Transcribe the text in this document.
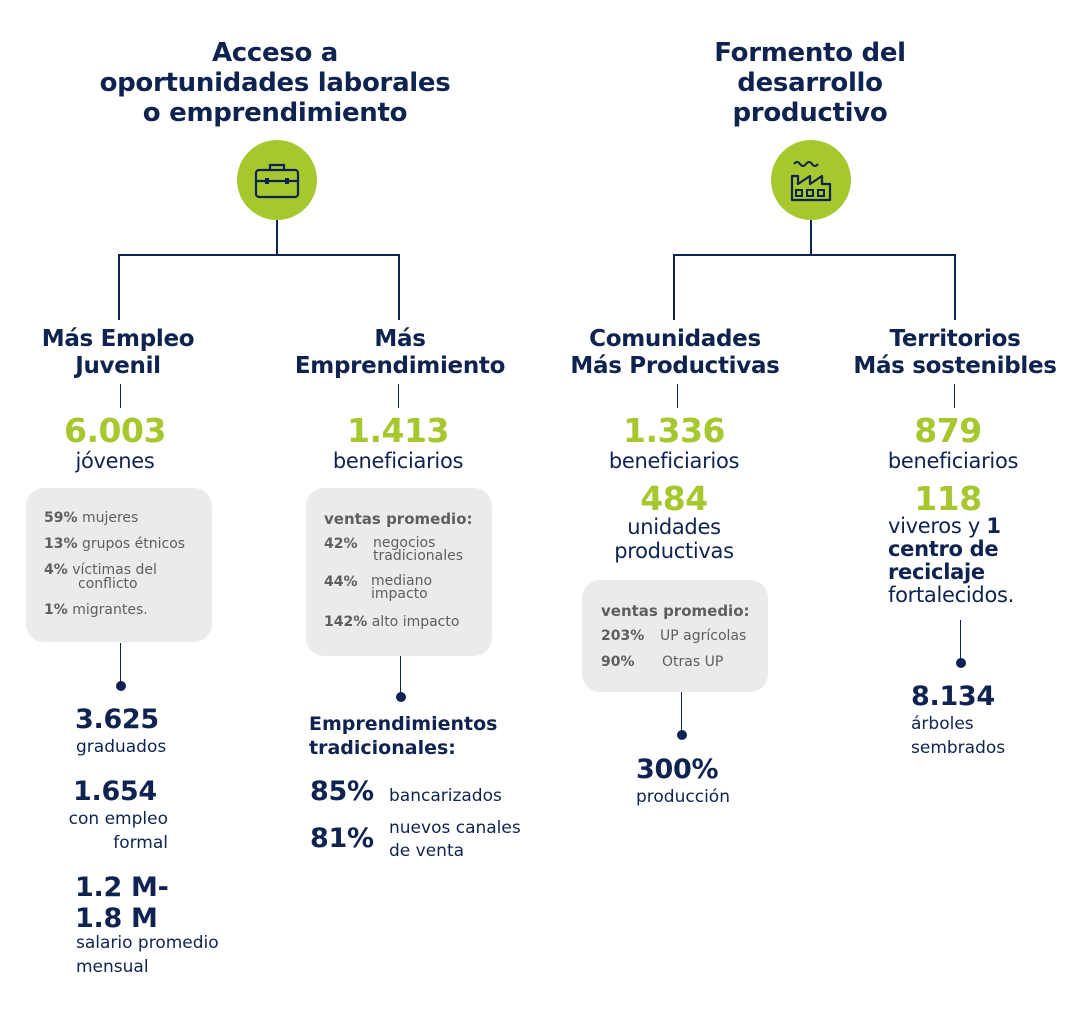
Acceso a
oportunidades laborales
o emprendimiento
Más Empleo
Juvenil
6.003
jóvenes
59% mujeres
13% grupos étnicos
4% víctimas del
conflicto
1% migrantes.
3.625
graduados
1.654
con empleo
formal
1.2 M-
1.8 M
salario promedio
mensual
Más
Emprendimiento
1.413
beneficiarios
ventas promedio:
42% negocios
tradicionales
44% mediano
impacto
142% alto impacto
Emprendimientos
tradicionales:
85% bancarizados
81% nuevos canales
de venta
Formento del
desarrollo
productivo
Comunidades
Más Productivas
1.336
beneficiarios
484
unidades
productivas
ventas promedio:
203% UP agrícolas
90% Otras UP
300%
producción
Territorios
Más sostenibles
879
beneficiarios
118
viveros y 1
centro de
reciclaje
fortalecidos.
8.134
árboles
sembrados
